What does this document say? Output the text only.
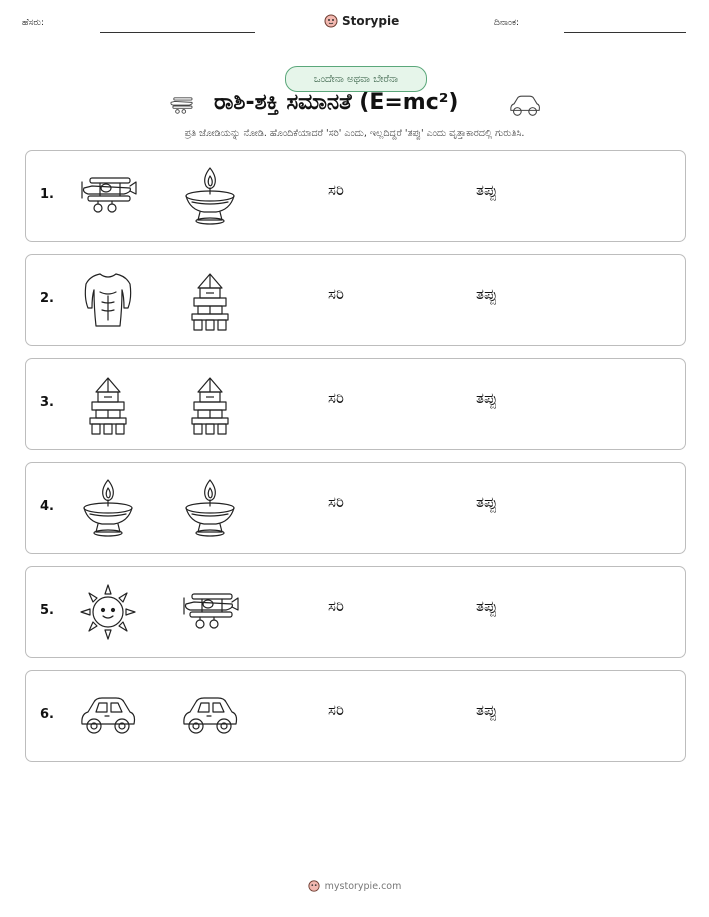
ಹೆಸರು:	Storypie	ದಿನಾಂಕ:
ಒಂದೇನಾ ಅಥವಾ ಬೇರೆನಾ
ರಾಶಿ-ಶಕ್ತಿ ಸಮಾನತೆ (E=mc²)
ಪ್ರತಿ ಜೋಡಿಯನ್ನು ನೋಡಿ. ಹೊಂದಿಕೆಯಾದರೆ 'ಸರಿ' ಎಂದು, ಇಲ್ಲದಿದ್ದರೆ 'ತಪ್ಪು' ಎಂದು ವೃತ್ತಾಕಾರದಲ್ಲಿ ಗುರುತಿಸಿ.
1.	ಸರಿ	ತಪ್ಪು
2.	ಸರಿ	ತಪ್ಪು
3.	ಸರಿ	ತಪ್ಪು
4.	ಸರಿ	ತಪ್ಪು
5.	ಸರಿ	ತಪ್ಪು
6.	ಸರಿ	ತಪ್ಪು
mystorypie.com
